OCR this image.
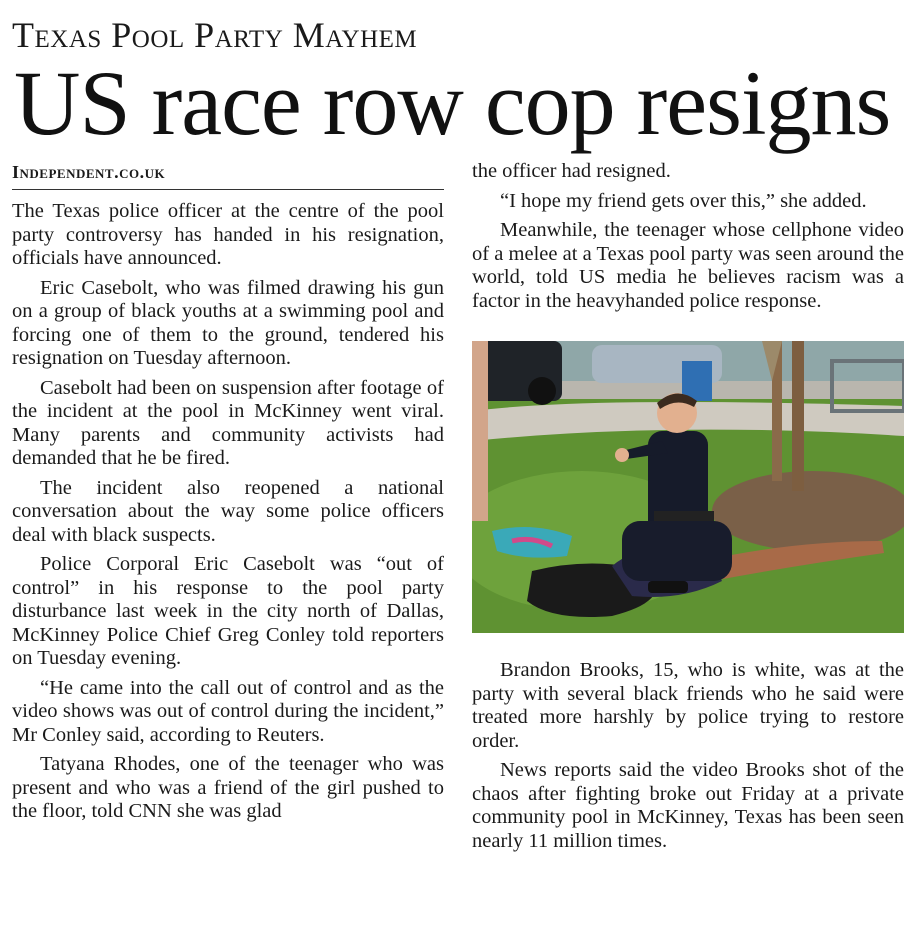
Texas Pool Party Mayhem
US race row cop resigns
Independent.co.uk

The Texas police officer at the centre of the pool party controversy has handed in his resignation, officials have announced.

Eric Casebolt, who was filmed drawing his gun on a group of black youths at a swimming pool and forcing one of them to the ground, tendered his resignation on Tuesday afternoon.

Casebolt had been on suspension after footage of the incident at the pool in McKinney went viral. Many parents and community activists had demanded that he be fired.

The incident also reopened a national conversation about the way some police officers deal with black suspects.

Police Corporal Eric Casebolt was “out of control” in his response to the pool party disturbance last week in the city north of Dallas, McKinney Police Chief Greg Conley told reporters on Tuesday evening.

“He came into the call out of control and as the video shows was out of control during the incident,” Mr Conley said, according to Reuters.

Tatyana Rhodes, one of the teenager who was present and who was a friend of the girl pushed to the floor, told CNN she was glad

the officer had resigned.

“I hope my friend gets over this,” she added.

Meanwhile, the teenager whose cellphone video of a melee at a Texas pool party was seen around the world, told US media he believes racism was a factor in the heavyhanded police response.

Brandon Brooks, 15, who is white, was at the party with several black friends who he said were treated more harshly by police trying to restore order.

News reports said the video Brooks shot of the chaos after fighting broke out Friday at a private community pool in McKinney, Texas has been seen nearly 11 million times.
